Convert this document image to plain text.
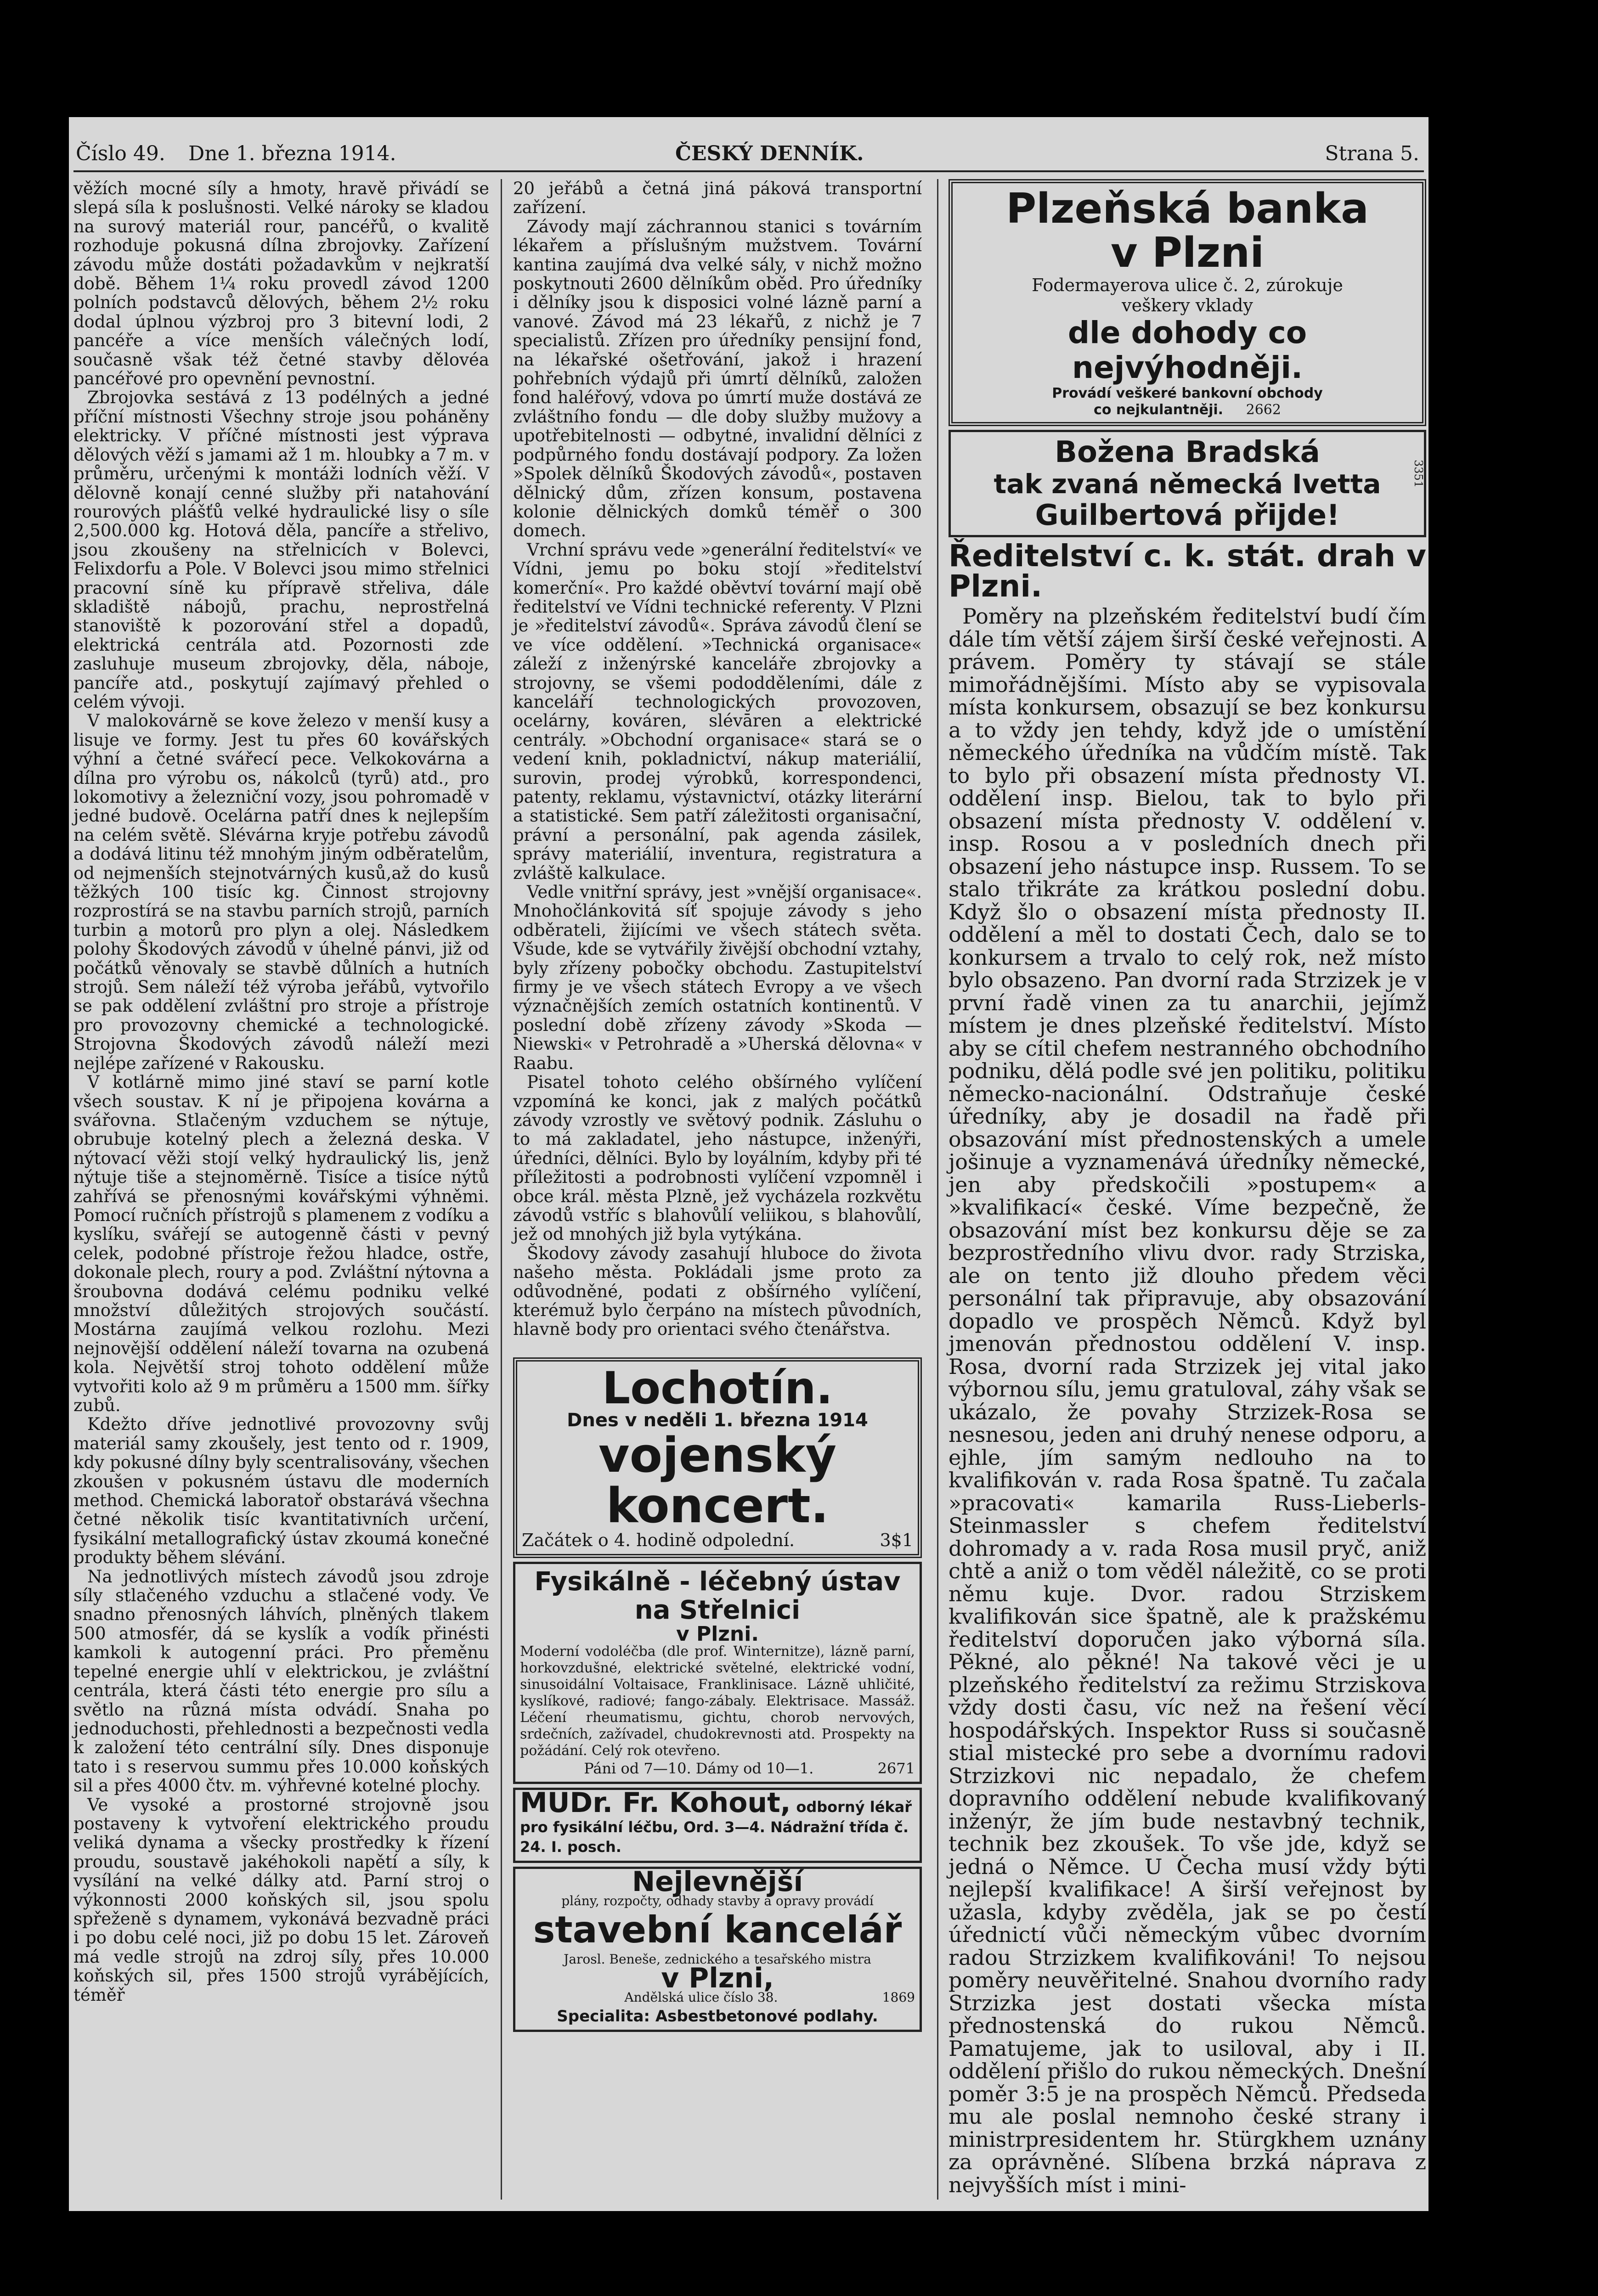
Číslo 49. Dne 1. března 1914.	ČESKÝ DENNÍK.	Strana 5.

věžích mocné síly a hmoty, hravě přivádí se slepá síla k poslušnosti. Velké nároky se kladou na surový materiál rour, pancéřů, o kvalitě rozhoduje pokusná dílna zbrojovky. Zařízení závodu může dostáti požadavkům v nejkratší době. Během 1¼ roku provedl závod 1200 polních podstavců dělových, během 2½ roku dodal úplnou výzbroj pro 3 bitevní lodi, 2 pancéře a více menších válečných lodí, současně však též četné stavby dělovéa pancéřové pro opevnění pevnostní.

Zbrojovka sestává z 13 podélných a jedné příční místnosti Všechny stroje jsou poháněny elektricky. V příčné místnosti jest výprava dělových věží s jamami až 1 m. hloubky a 7 m. v průměru, určenými k montáži lodních věží. V dělovně konají cenné služby při natahování rourových plášťů velké hydraulické lisy o síle 2,500.000 kg. Hotová děla, pancíře a střelivo, jsou zkoušeny na střelnicích v Bolevci, Felixdorfu a Pole. V Bolevci jsou mimo střelnici pracovní síně ku přípravě střeliva, dále skladiště nábojů, prachu, neprostřelná stanoviště k pozorování střel a dopadů, elektrická centrála atd. Pozornosti zde zasluhuje museum zbrojovky, děla, náboje, pancíře atd., poskytují zajímavý přehled o celém vývoji.

V malokovárně se kove železo v menší kusy a lisuje ve formy. Jest tu přes 60 kovářských výhní a četné svářecí pece. Velkokovárna a dílna pro výrobu os, nákolců (tyrů) atd., pro lokomotivy a železniční vozy, jsou pohromadě v jedné budově. Ocelárna patří dnes k nejlepším na celém světě. Slévárna kryje potřebu závodů a dodává litinu též mnohým jiným odběratelům, od nejmenších stejnotvárných kusů,až do kusů těžkých 100 tisíc kg. Činnost strojovny rozprostírá se na stavbu parních strojů, parních turbin a motorů pro plyn a olej. Následkem polohy Škodových závodů v úhelné pánvi, již od počátků věnovaly se stavbě důlních a hutních strojů. Sem náleží též výroba jeřábů, vytvořilo se pak oddělení zvláštní pro stroje a přístroje pro provozovny chemické a technologické. Strojovna Škodových závodů náleží mezi nejlépe zařízené v Rakousku.

V kotlárně mimo jiné staví se parní kotle všech soustav. K ní je připojena kovárna a svářovna. Stlačeným vzduchem se nýtuje, obrubuje kotelný plech a železná deska. V nýtovací věži stojí velký hydraulický lis, jenž nýtuje tiše a stejnoměrně. Tisíce a tisíce nýtů zahřívá se přenosnými kovářskými výhněmi. Pomocí ručních přístrojů s plamenem z vodíku a kyslíku, svářejí se autogenně části v pevný celek, podobné přístroje řežou hladce, ostře, dokonale plech, roury a pod. Zvláštní nýtovna a šroubovna dodává celému podniku velké množství důležitých strojových součástí. Mostárna zaujímá velkou rozlohu. Mezi nejnovější oddělení náleží tovarna na ozubená kola. Největší stroj tohoto oddělení může vytvořiti kolo až 9 m průměru a 1500 mm. šířky zubů.

Kdežto dříve jednotlivé provozovny svůj materiál samy zkoušely, jest tento od r. 1909, kdy pokusné dílny byly scentralisovány, všechen zkoušen v pokusném ústavu dle moderních method. Chemická laboratoř obstarává všechna četné několik tisíc kvantitativních určení, fysikální metallografický ústav zkoumá konečné produkty během slévání.

Na jednotlivých místech závodů jsou zdroje síly stlačeného vzduchu a stlačené vody. Ve snadno přenosných láhvích, plněných tlakem 500 atmosfér, dá se kyslík a vodík přinésti kamkoli k autogenní práci. Pro přeměnu tepelné energie uhlí v elektrickou, je zvláštní centrála, která části této energie pro sílu a světlo na různá místa odvádí. Snaha po jednoduchosti, přehlednosti a bezpečnosti vedla k založení této centrální síly. Dnes disponuje tato i s reservou summu přes 10.000 koňských sil a přes 4000 čtv. m. výhřevné kotelné plochy.

Ve vysoké a prostorné strojovně jsou postaveny k vytvoření elektrického proudu veliká dynama a všecky prostředky k řízení proudu, soustavě jakéhokoli napětí a síly, k vysílání na velké dálky atd. Parní stroj o výkonnosti 2000 koňských sil, jsou spolu spřeženě s dynamem, vykonává bezvadně práci i po dobu celé noci, již po dobu 15 let. Zároveň má vedle strojů na zdroj síly, přes 10.000 koňských sil, přes 1500 strojů vyrábějících, téměř

20 jeřábů a četná jiná páková transportní zařízení.

Závody mají záchrannou stanici s továrním lékařem a příslušným mužstvem. Tovární kantina zaujímá dva velké sály, v nichž možno poskytnouti 2600 dělníkům oběd. Pro úředníky i dělníky jsou k disposici volné lázně parní a vanové. Závod má 23 lékařů, z nichž je 7 specialistů. Zřízen pro úředníky pensijní fond, na lékařské ošetřování, jakož i hrazení pohřebních výdajů při úmrtí dělníků, založen fond haléřový, vdova po úmrtí muže dostává ze zvláštního fondu — dle doby služby mužovy a upotřebitelnosti — odbytné, invalidní dělníci z podpůrného fondu dostávají podpory. Za ložen »Spolek dělníků Škodových závodů«, postaven dělnický dům, zřízen konsum, postavena kolonie dělnických domků téměř o 300 domech.

Vrchní správu vede »generální ředitelství« ve Vídni, jemu po boku stojí »ředitelství komerční«. Pro každé oběvtví tovární mají obě ředitelství ve Vídni technické referenty. V Plzni je »ředitelství závodů«. Správa závodů člení se ve více oddělení. »Technická organisace« záleží z inženýrské kanceláře zbrojovky a strojovny, se všemi pododděleními, dále z kanceláří technologických provozoven, ocelárny, kováren, slévāren a elektrické centrály. »Obchodní organisace« stará se o vedení knih, pokladnictví, nákup materiálií, surovin, prodej výrobků, korrespondenci, patenty, reklamu, výstavnictví, otázky literární a statistické. Sem patří záležitosti organisační, právní a personální, pak agenda zásilek, správy materiálií, inventura, registratura a zvláště kalkulace.

Vedle vnitřní správy, jest »vnější organisace«. Mnohočlánkovitá síť spojuje závody s jeho odběrateli, žijícími ve všech státech světa. Všude, kde se vytvářily živější obchodní vztahy, byly zřízeny pobočky obchodu. Zastupitelství firmy je ve všech státech Evropy a ve všech význačnějších zemích ostatních kontinentů. V poslední době zřízeny závody »Skoda —Niewski« v Petrohradě a »Uherská dělovna« v Raabu.

Pisatel tohoto celého obšírného vylíčení vzpomíná ke konci, jak z malých počátků závody vzrostly ve světový podnik. Zásluhu o to má zakladatel, jeho nástupce, inženýři, úředníci, dělníci. Bylo by loyálním, kdyby při té příležitosti a podrobnosti vylíčení vzpomněl i obce král. města Plzně, jež vycházela rozkvětu závodů vstříc s blahovůlí veliikou, s blahovůlí, jež od mnohých již byla vytýkána.

Škodovy závody zasahují hluboce do života našeho města. Pokládali jsme proto za odůvodněné, podati z obšírného vylíčení, kterémuž bylo čerpáno na místech původních, hlavně body pro orientaci svého čtenářstva.

Lochotín.
Dnes v neděli 1. března 1914
vojenský koncert.
Začátek o 4. hodině odpolední.	3$1
Fysikálně - léčebný ústav na Střelnici
v Plzni.
Moderní vodoléčba (dle prof. Winternitze), lázně parní, horkovzdušné, elektrické světelné, elektrické vodní, sinusoidální Voltaisace, Franklinisace. Lázně uhličité, kyslíkové, radiové; fango-zábaly. Elektrisace. Massáž. Léčení rheumatismu, gichtu, chorob nervových, srdečních, zažívadel, chudokrevnosti atd. Prospekty na požádání. Celý rok otevřeno.
Páni od 7—10. Dámy od 10—1.	2671
MUDr. Fr. Kohout, odborný lékař pro fysikální léčbu, Ord. 3—4. Nádražní třída č. 24. I. posch.
Nejlevnější
plány, rozpočty, odhady stavby a opravy provádí
stavební kancelář
Jarosl. Beneše, zednického a tesařského mistra
v Plzni,
Andělská ulice číslo 38.	1869
Specialita: Asbestbetonové podlahy.
Plzeňská banka
v Plzni
Fodermayerova ulice č. 2, zúrokuje
veškery vklady
dle dohody co nejvýhodněji.
Provádí veškeré bankovní obchody
co nejkulantněji. 2662
Božena Bradská
tak zvaná německá Ivetta
Guilbertová přijde!
3351
Ředitelství c. k. stát. drah v Plzni.

Poměry na plzeňském ředitelství budí čím dále tím větší zájem širší české veřejnosti. A právem. Poměry ty stávají se stále mimořádnějšími. Místo aby se vypisovala místa konkursem, obsazují se bez konkursu a to vždy jen tehdy, když jde o umístění německého úředníka na vůdčím místě. Tak to bylo při obsazení místa přednosty VI. oddělení insp. Bielou, tak to bylo při obsazení místa přednosty V. oddělení v. insp. Rosou a v posledních dnech při obsazení jeho nástupce insp. Russem. To se stalo třikráte za krátkou poslední dobu. Když šlo o obsazení místa přednosty II. oddělení a měl to dostati Čech, dalo se to konkursem a trvalo to celý rok, než místo bylo obsazeno. Pan dvorní rada Strzizek je v první řadě vinen za tu anarchii, jejímž místem je dnes plzeňské ředitelství. Místo aby se cítil chefem nestranného obchodního podniku, dělá podle své jen politiku, politiku německo-nacionální. Odstraňuje české úředníky, aby je dosadil na řadě při obsazování míst přednostenských a umele jošinuje a vyznamenává úředníky německé, jen aby předskočili »postupem« a »kvalifikací« české. Víme bezpečně, že obsazování míst bez konkursu děje se za bezprostředního vlivu dvor. rady Strziska, ale on tento již dlouho předem věci personální tak připravuje, aby obsazování dopadlo ve prospěch Němců. Když byl jmenován přednostou oddělení V. insp. Rosa, dvorní rada Strzizek jej vital jako výbornou sílu, jemu gratuloval, záhy však se ukázalo, že povahy Strzizek-Rosa se nesnesou, jeden ani druhý nenese odporu, a ejhle, jím samým nedlouho na to kvalifikován v. rada Rosa špatně. Tu začala »pracovati« kamarila Russ-Lieberls-Steinmassler s chefem ředitelství dohromady a v. rada Rosa musil pryč, aniž chtě a aniž o tom věděl náležitě, co se proti němu kuje. Dvor. radou Strziskem kvalifikován sice špatně, ale k pražskému ředitelství doporučen jako výborná síla. Pěkné, alo pěkné! Na takové věci je u plzeňského ředitelství za režimu Strziskova vždy dosti času, víc než na řešení věcí hospodářských. Inspektor Russ si současně stial mistecké pro sebe a dvornímu radovi Strzizkovi nic nepadalo, že chefem dopravního oddělení nebude kvalifikovaný inženýr, že jím bude nestavbný technik, technik bez zkoušek. To vše jde, když se jedná o Němce. U Čecha musí vždy býti nejlepší kvalifikace! A širší veřejnost by užasla, kdyby zvěděla, jak se po čestí úřednictí vůči německým vůbec dvorním radou Strzizkem kvalifikováni! To nejsou poměry neuvěřitelné. Snahou dvorního rady Strzizka jest dostati všecka místa přednostenská do rukou Němců. Pamatujeme, jak to usiloval, aby i II. oddělení přišlo do rukou německých. Dnešní poměr 3:5 je na prospěch Němců. Předseda mu ale poslal nemnoho české strany i ministrpresidentem hr. Stürgkhem uznány za oprávněné. Slíbena brzká náprava z nejvyšších míst i mini-
